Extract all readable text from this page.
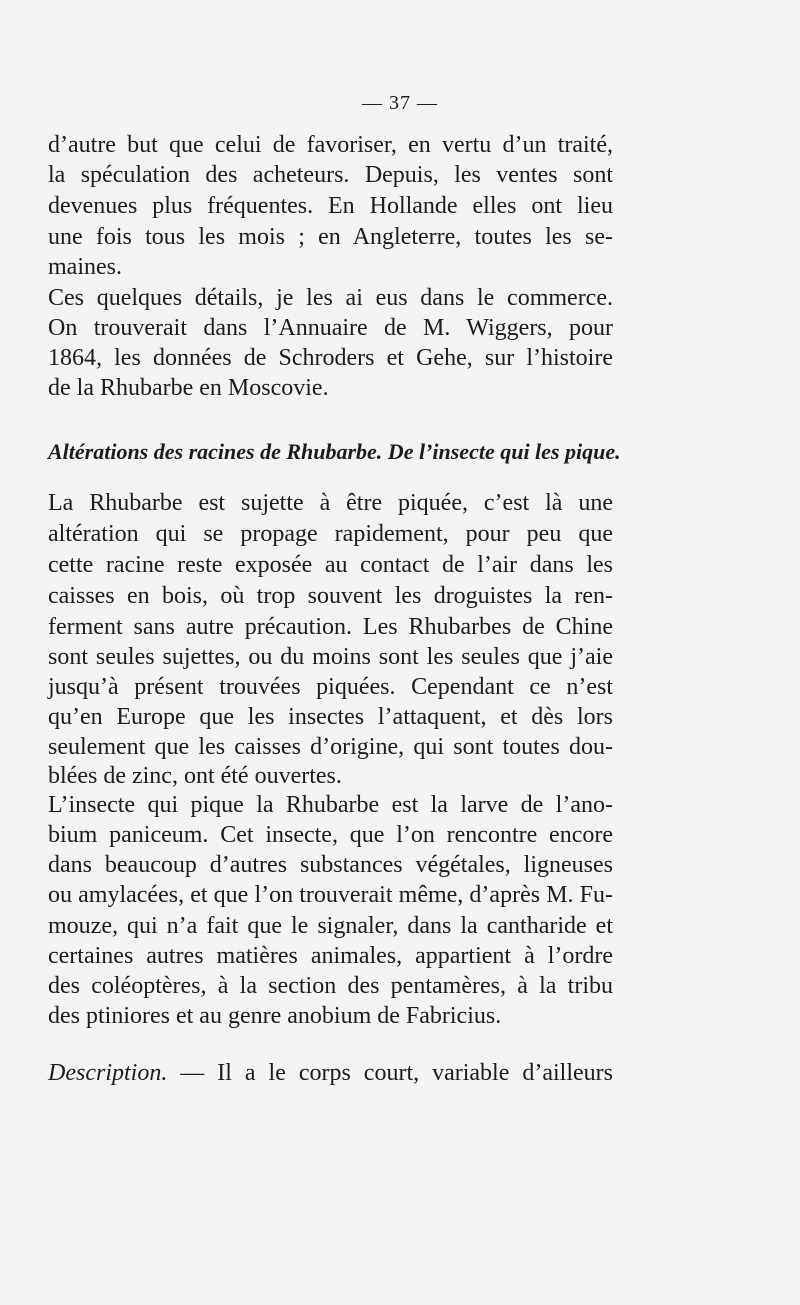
— 37 —
d’autre but que celui de favoriser, en vertu d’un traité,
la spéculation des acheteurs. Depuis, les ventes sont
devenues plus fréquentes. En Hollande elles ont lieu
une fois tous les mois ; en Angleterre, toutes les se-
maines.
Ces quelques détails, je les ai eus dans le commerce.
On trouverait dans l’Annuaire de M. Wiggers, pour
1864, les données de Schroders et Gehe, sur l’histoire
de la Rhubarbe en Moscovie.
Altérations des racines de Rhubarbe. De l’insecte qui les pique.
La Rhubarbe est sujette à être piquée, c’est là une
altération qui se propage rapidement, pour peu que
cette racine reste exposée au contact de l’air dans les
caisses en bois, où trop souvent les droguistes la ren-
ferment sans autre précaution. Les Rhubarbes de Chine
sont seules sujettes, ou du moins sont les seules que j’aie
jusqu’à présent trouvées piquées. Cependant ce n’est
qu’en Europe que les insectes l’attaquent, et dès lors
seulement que les caisses d’origine, qui sont toutes dou-
blées de zinc, ont été ouvertes.
L’insecte qui pique la Rhubarbe est la larve de l’ano-
bium paniceum. Cet insecte, que l’on rencontre encore
dans beaucoup d’autres substances végétales, ligneuses
ou amylacées, et que l’on trouverait même, d’après M. Fu-
mouze, qui n’a fait que le signaler, dans la cantharide et
certaines autres matières animales, appartient à l’ordre
des coléoptères, à la section des pentamères, à la tribu
des ptiniores et au genre anobium de Fabricius.
Description. — Il a le corps court, variable d’ailleurs
